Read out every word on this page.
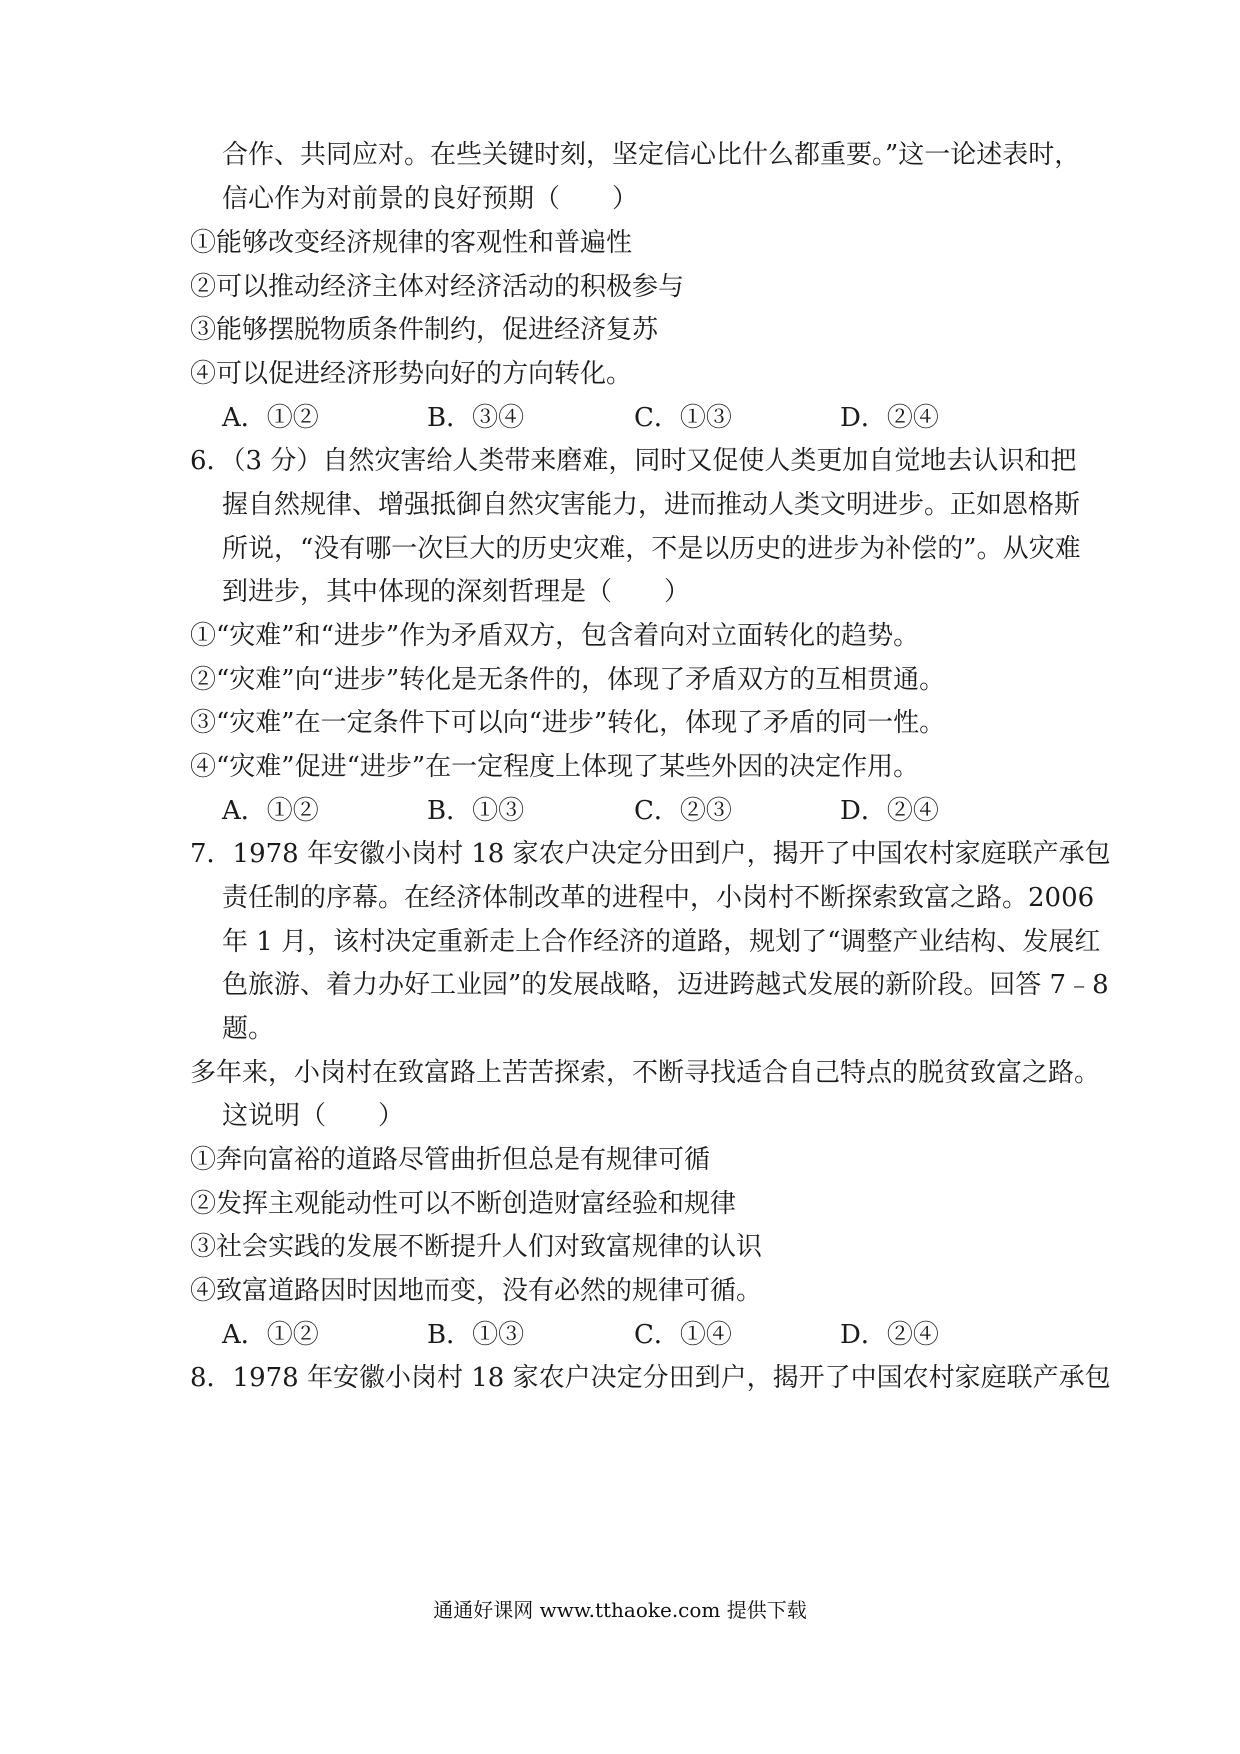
合作、共同应对。在些关键时刻，坚定信心比什么都重要。”这一论述表时，
信心作为对前景的良好预期（　　）
①能够改变经济规律的客观性和普遍性
②可以推动经济主体对经济活动的积极参与
③能够摆脱物质条件制约，促进经济复苏
④可以促进经济形势向好的方向转化。
A．①②	B．③④	C．①③	D．②④
6．（3 分）自然灾害给人类带来磨难，同时又促使人类更加自觉地去认识和把
握自然规律、增强抵御自然灾害能力，进而推动人类文明进步。正如恩格斯
所说，“没有哪一次巨大的历史灾难，不是以历史的进步为补偿的”。从灾难
到进步，其中体现的深刻哲理是（　　）
①“灾难”和“进步”作为矛盾双方，包含着向对立面转化的趋势。
②“灾难”向“进步”转化是无条件的，体现了矛盾双方的互相贯通。
③“灾难”在一定条件下可以向“进步”转化，体现了矛盾的同一性。
④“灾难”促进“进步”在一定程度上体现了某些外因的决定作用。
A．①②	B．①③	C．②③	D．②④
7．1978 年安徽小岗村 18 家农户决定分田到户，揭开了中国农村家庭联产承包
责任制的序幕。在经济体制改革的进程中，小岗村不断探索致富之路。2006
年 1 月，该村决定重新走上合作经济的道路，规划了“调整产业结构、发展红
色旅游、着力办好工业园”的发展战略，迈进跨越式发展的新阶段。回答 7﹣8
题。
多年来，小岗村在致富路上苦苦探索，不断寻找适合自己特点的脱贫致富之路。
这说明（　　）
①奔向富裕的道路尽管曲折但总是有规律可循
②发挥主观能动性可以不断创造财富经验和规律
③社会实践的发展不断提升人们对致富规律的认识
④致富道路因时因地而变，没有必然的规律可循。
A．①②	B．①③	C．①④	D．②④
8．1978 年安徽小岗村 18 家农户决定分田到户，揭开了中国农村家庭联产承包
通通好课网 www.tthaoke.com 提供下载
